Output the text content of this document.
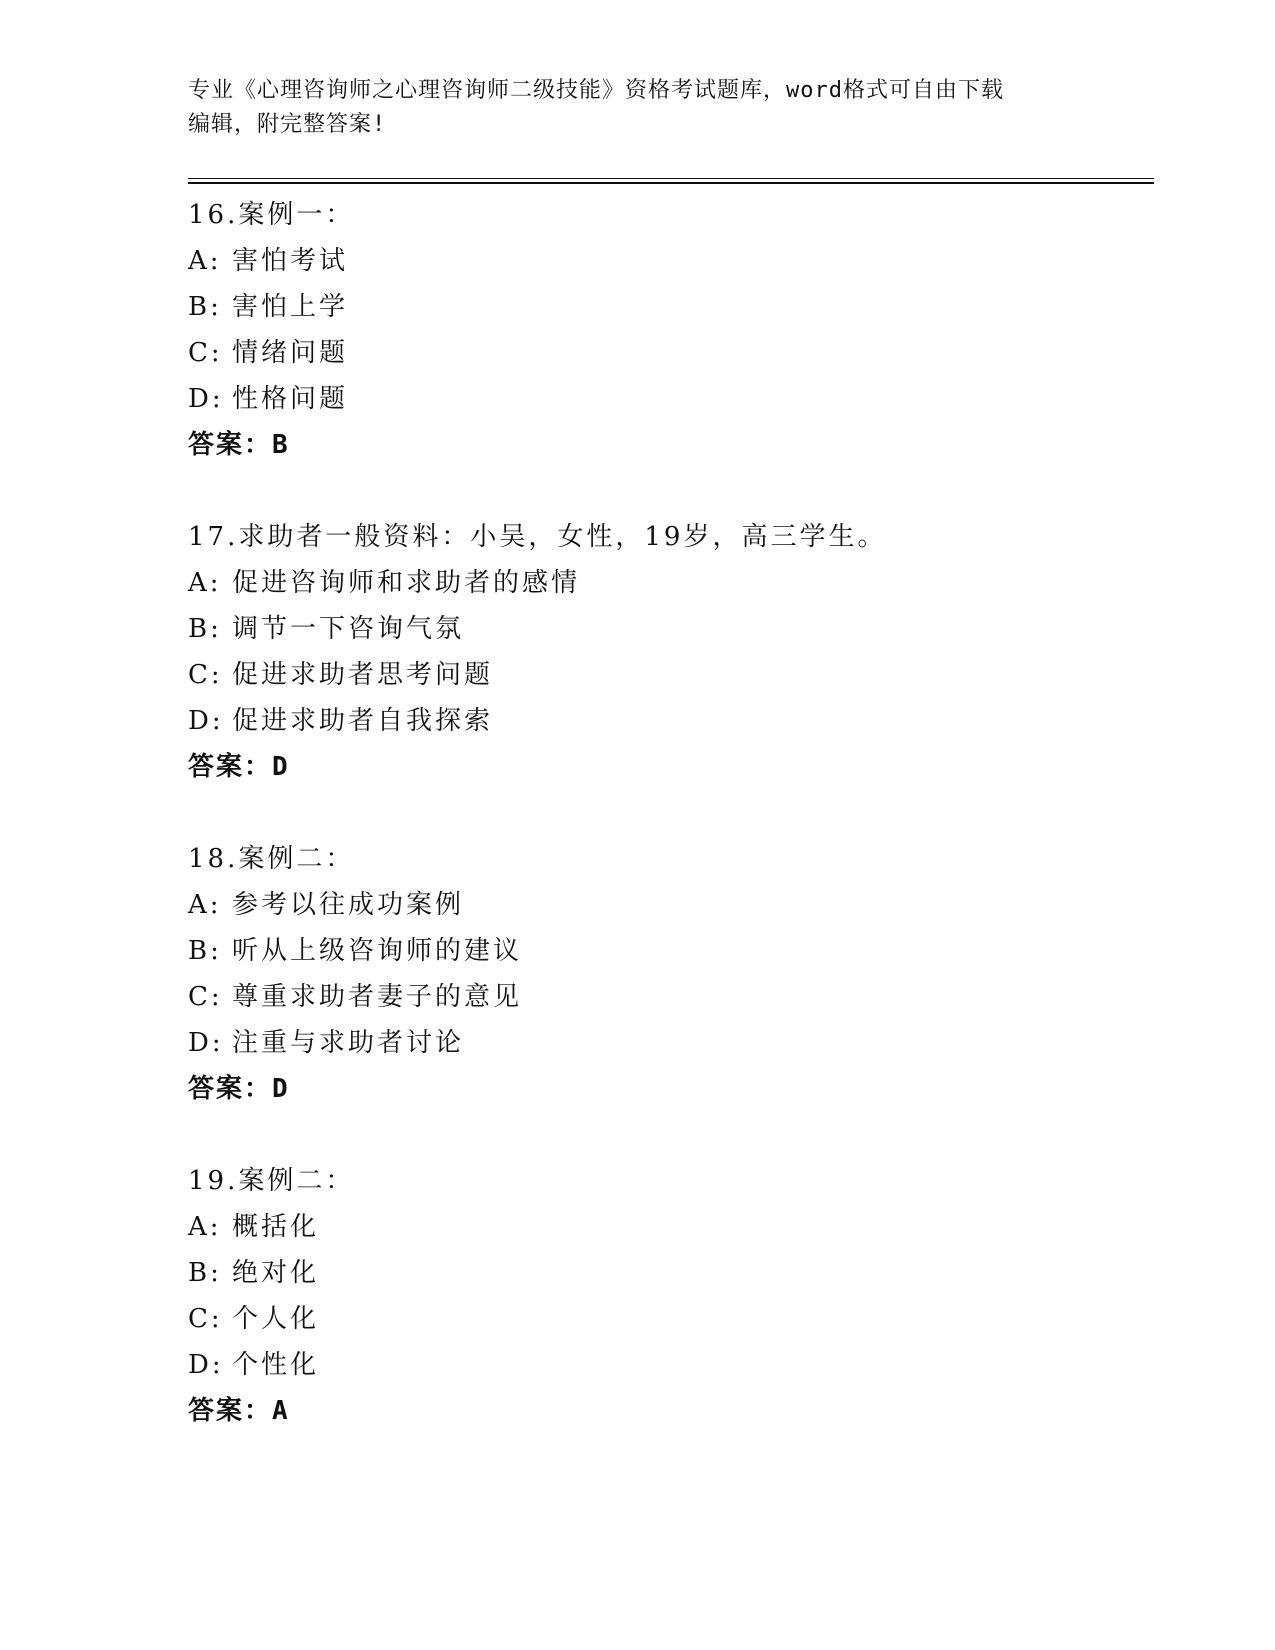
专业《心理咨询师之心理咨询师二级技能》资格考试题库，word格式可自由下载
编辑，附完整答案!
16.案例一：
A: 害怕考试
B: 害怕上学
C: 情绪问题
D: 性格问题
答案：B
17.求助者一般资料：小吴，女性，19岁，高三学生。
A: 促进咨询师和求助者的感情
B: 调节一下咨询气氛
C: 促进求助者思考问题
D: 促进求助者自我探索
答案：D
18.案例二：
A: 参考以往成功案例
B: 听从上级咨询师的建议
C: 尊重求助者妻子的意见
D: 注重与求助者讨论
答案：D
19.案例二：
A: 概括化
B: 绝对化
C: 个人化
D: 个性化
答案：A
